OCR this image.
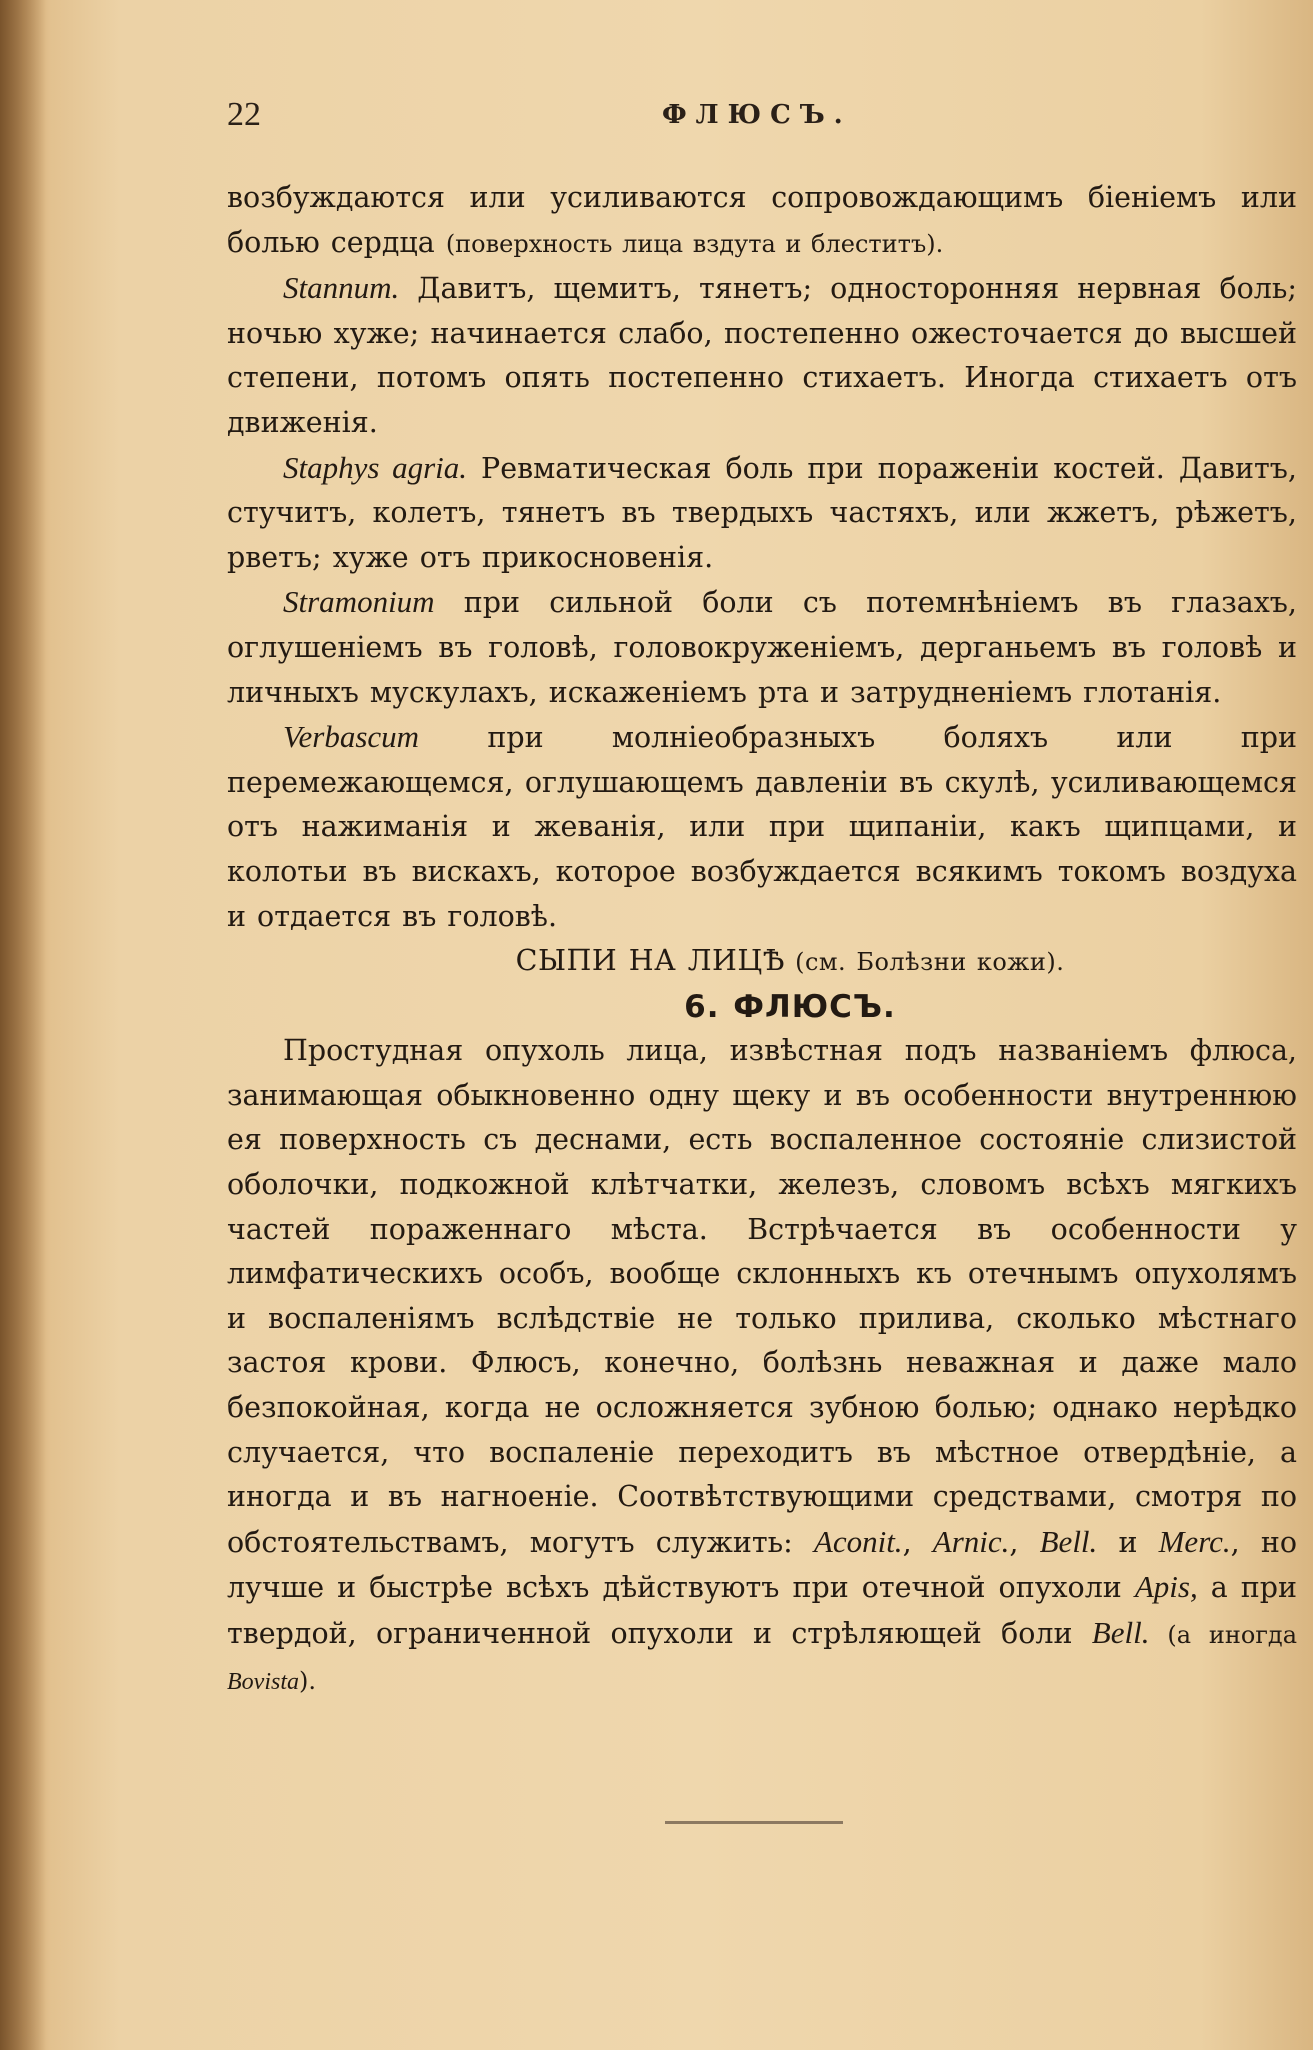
22	ФЛЮСЪ.

возбуждаются или усиливаются сопровождающимъ біеніемъ или болью сердца (поверхность лица вздута и блеститъ).

Stannum. Давитъ, щемитъ, тянетъ; односторонняя нервная боль; ночью хуже; начинается слабо, постепенно ожесточается до высшей степени, потомъ опять постепенно стихаетъ. Иногда стихаетъ отъ движенія.

Staphys agria. Ревматическая боль при пораженіи костей. Давитъ, стучитъ, колетъ, тянетъ въ твердыхъ частяхъ, или жжетъ, рѣжетъ, рветъ; хуже отъ прикосновенія.

Stramonium при сильной боли съ потемнѣніемъ въ глазахъ, оглушеніемъ въ головѣ, головокруженіемъ, дерганьемъ въ головѣ и личныхъ мускулахъ, искаженіемъ рта и затрудненіемъ глотанія.

Verbascum при молніеобразныхъ боляхъ или при перемежающемся, оглушающемъ давленіи въ скулѣ, усиливающемся отъ нажиманія и жеванія, или при щипаніи, какъ щипцами, и колотьи въ вискахъ, которое возбуждается всякимъ токомъ воздуха и отдается въ головѣ.

СЫПИ НА ЛИЦѢ (см. Болѣзни кожи).

6. ФЛЮСЪ.

Простудная опухоль лица, извѣстная подъ названіемъ флюса, занимающая обыкновенно одну щеку и въ особенности внутреннюю ея поверхность съ деснами, есть воспаленное состояніе слизистой оболочки, подкожной клѣтчатки, железъ, словомъ всѣхъ мягкихъ частей пораженнаго мѣста. Встрѣчается въ особенности у лимфатическихъ особъ, вообще склонныхъ къ отечнымъ опухолямъ и воспаленіямъ вслѣдствіе не только прилива, сколько мѣстнаго застоя крови. Флюсъ, конечно, болѣзнь неважная и даже мало безпокойная, когда не осложняется зубною болью; однако нерѣдко случается, что воспаленіе переходитъ въ мѣстное отвердѣніе, а иногда и въ нагноеніе. Соотвѣтствующими средствами, смотря по обстоятельствамъ, могутъ служить: Aconit., Arnic., Bell. и Merc., но лучше и быстрѣе всѣхъ дѣйствуютъ при отечной опухоли Apis, а при твердой, ограниченной опухоли и стрѣляющей боли Bell. (а иногда Bovista).
